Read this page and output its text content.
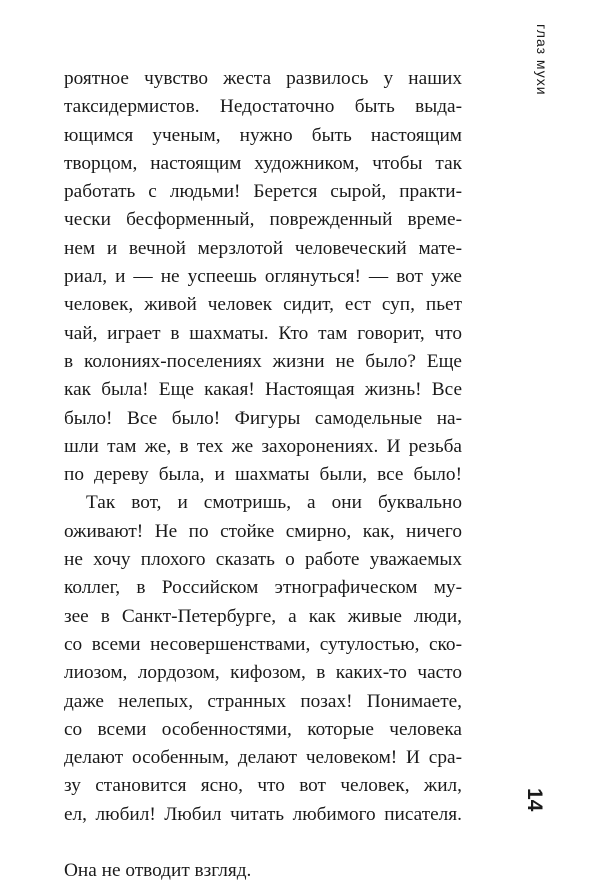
глаз мухи
роятное чувство жеста развилось у наших
таксидермистов. Недостаточно быть выда-
ющимся ученым, нужно быть настоящим
творцом, настоящим художником, чтобы так
работать с людьми! Берется сырой, практи-
чески бесформенный, поврежденный време-
нем и вечной мерзлотой человеческий мате-
риал, и — не успеешь оглянуться! — вот уже
человек, живой человек сидит, ест суп, пьет
чай, играет в шахматы. Кто там говорит, что
в колониях-поселениях жизни не было? Еще
как была! Еще какая! Настоящая жизнь! Все
было! Все было! Фигуры самодельные на-
шли там же, в тех же захоронениях. И резьба
по дереву была, и шахматы были, все было!
Так вот, и смотришь, а они буквально
оживают! Не по стойке смирно, как, ничего
не хочу плохого сказать о работе уважаемых
коллег, в Российском этнографическом му-
зее в Санкт-Петербурге, а как живые люди,
со всеми несовершенствами, сутулостью, ско-
лиозом, лордозом, кифозом, в каких-то часто
даже нелепых, странных позах! Понимаете,
со всеми особенностями, которые человека
делают особенным, делают человеком! И сра-
зу становится ясно, что вот человек, жил,
ел, любил! Любил читать любимого писателя.
Она не отводит взгляд.
14
